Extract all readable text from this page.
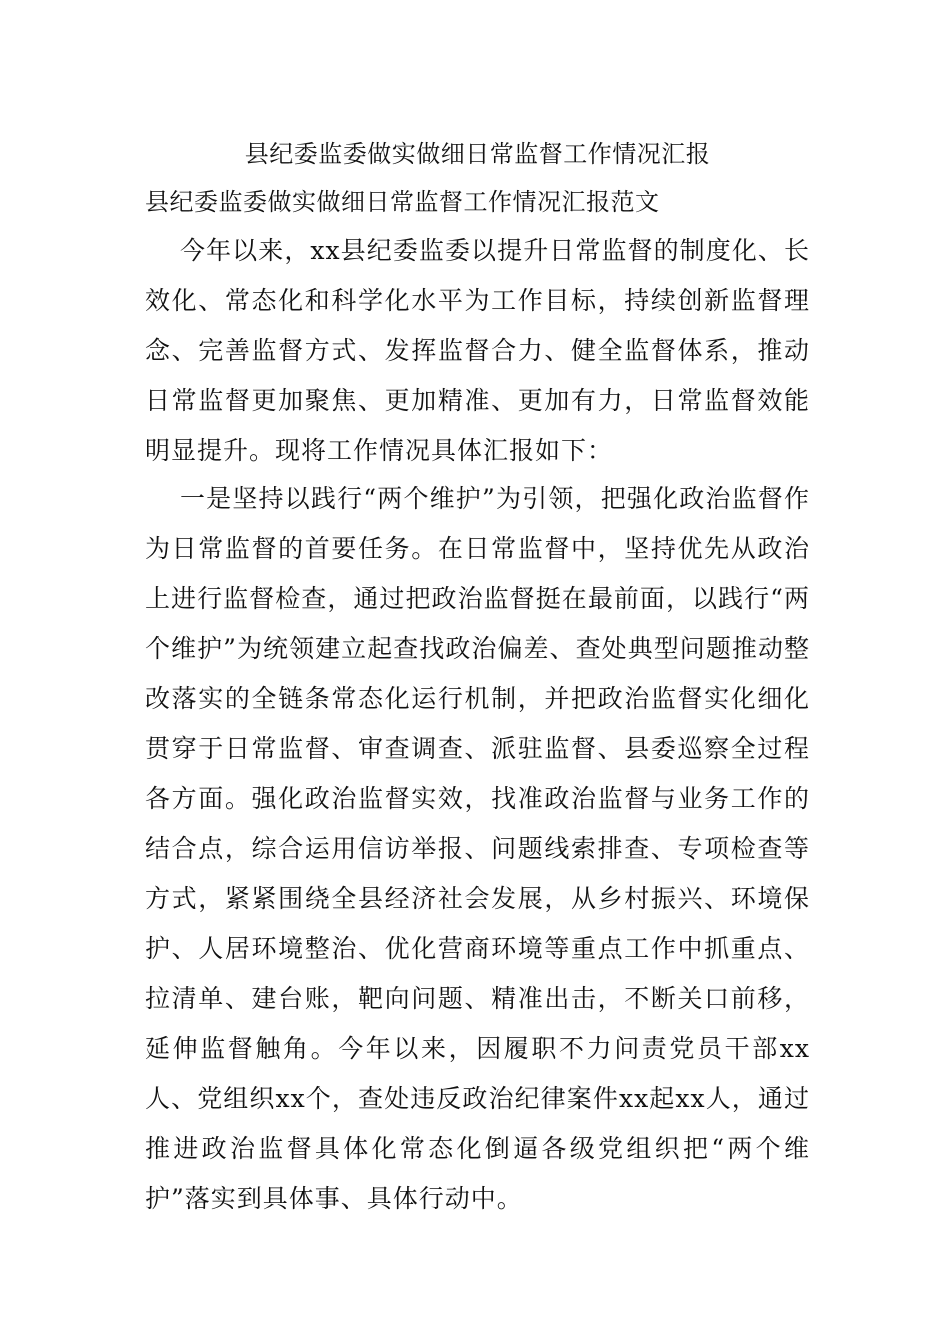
县纪委监委做实做细日常监督工作情况汇报
县纪委监委做实做细日常监督工作情况汇报范文

今年以来，xx县纪委监委以提升日常监督的制度化、长效化、常态化和科学化水平为工作目标，持续创新监督理念、完善监督方式、发挥监督合力、健全监督体系，推动日常监督更加聚焦、更加精准、更加有力，日常监督效能明显提升。现将工作情况具体汇报如下：

一是坚持以践行“两个维护”为引领，把强化政治监督作为日常监督的首要任务。在日常监督中，坚持优先从政治上进行监督检查，通过把政治监督挺在最前面，以践行“两个维护”为统领建立起查找政治偏差、查处典型问题推动整改落实的全链条常态化运行机制，并把政治监督实化细化贯穿于日常监督、审查调查、派驻监督、县委巡察全过程各方面。强化政治监督实效，找准政治监督与业务工作的结合点，综合运用信访举报、问题线索排查、专项检查等方式，紧紧围绕全县经济社会发展，从乡村振兴、环境保护、人居环境整治、优化营商环境等重点工作中抓重点、拉清单、建台账，靶向问题、精准出击，不断关口前移，延伸监督触角。今年以来，因履职不力问责党员干部xx人、党组织xx个，查处违反政治纪律案件xx起xx人，通过推进政治监督具体化常态化倒逼各级党组织把“两个维护”落实到具体事、具体行动中。
